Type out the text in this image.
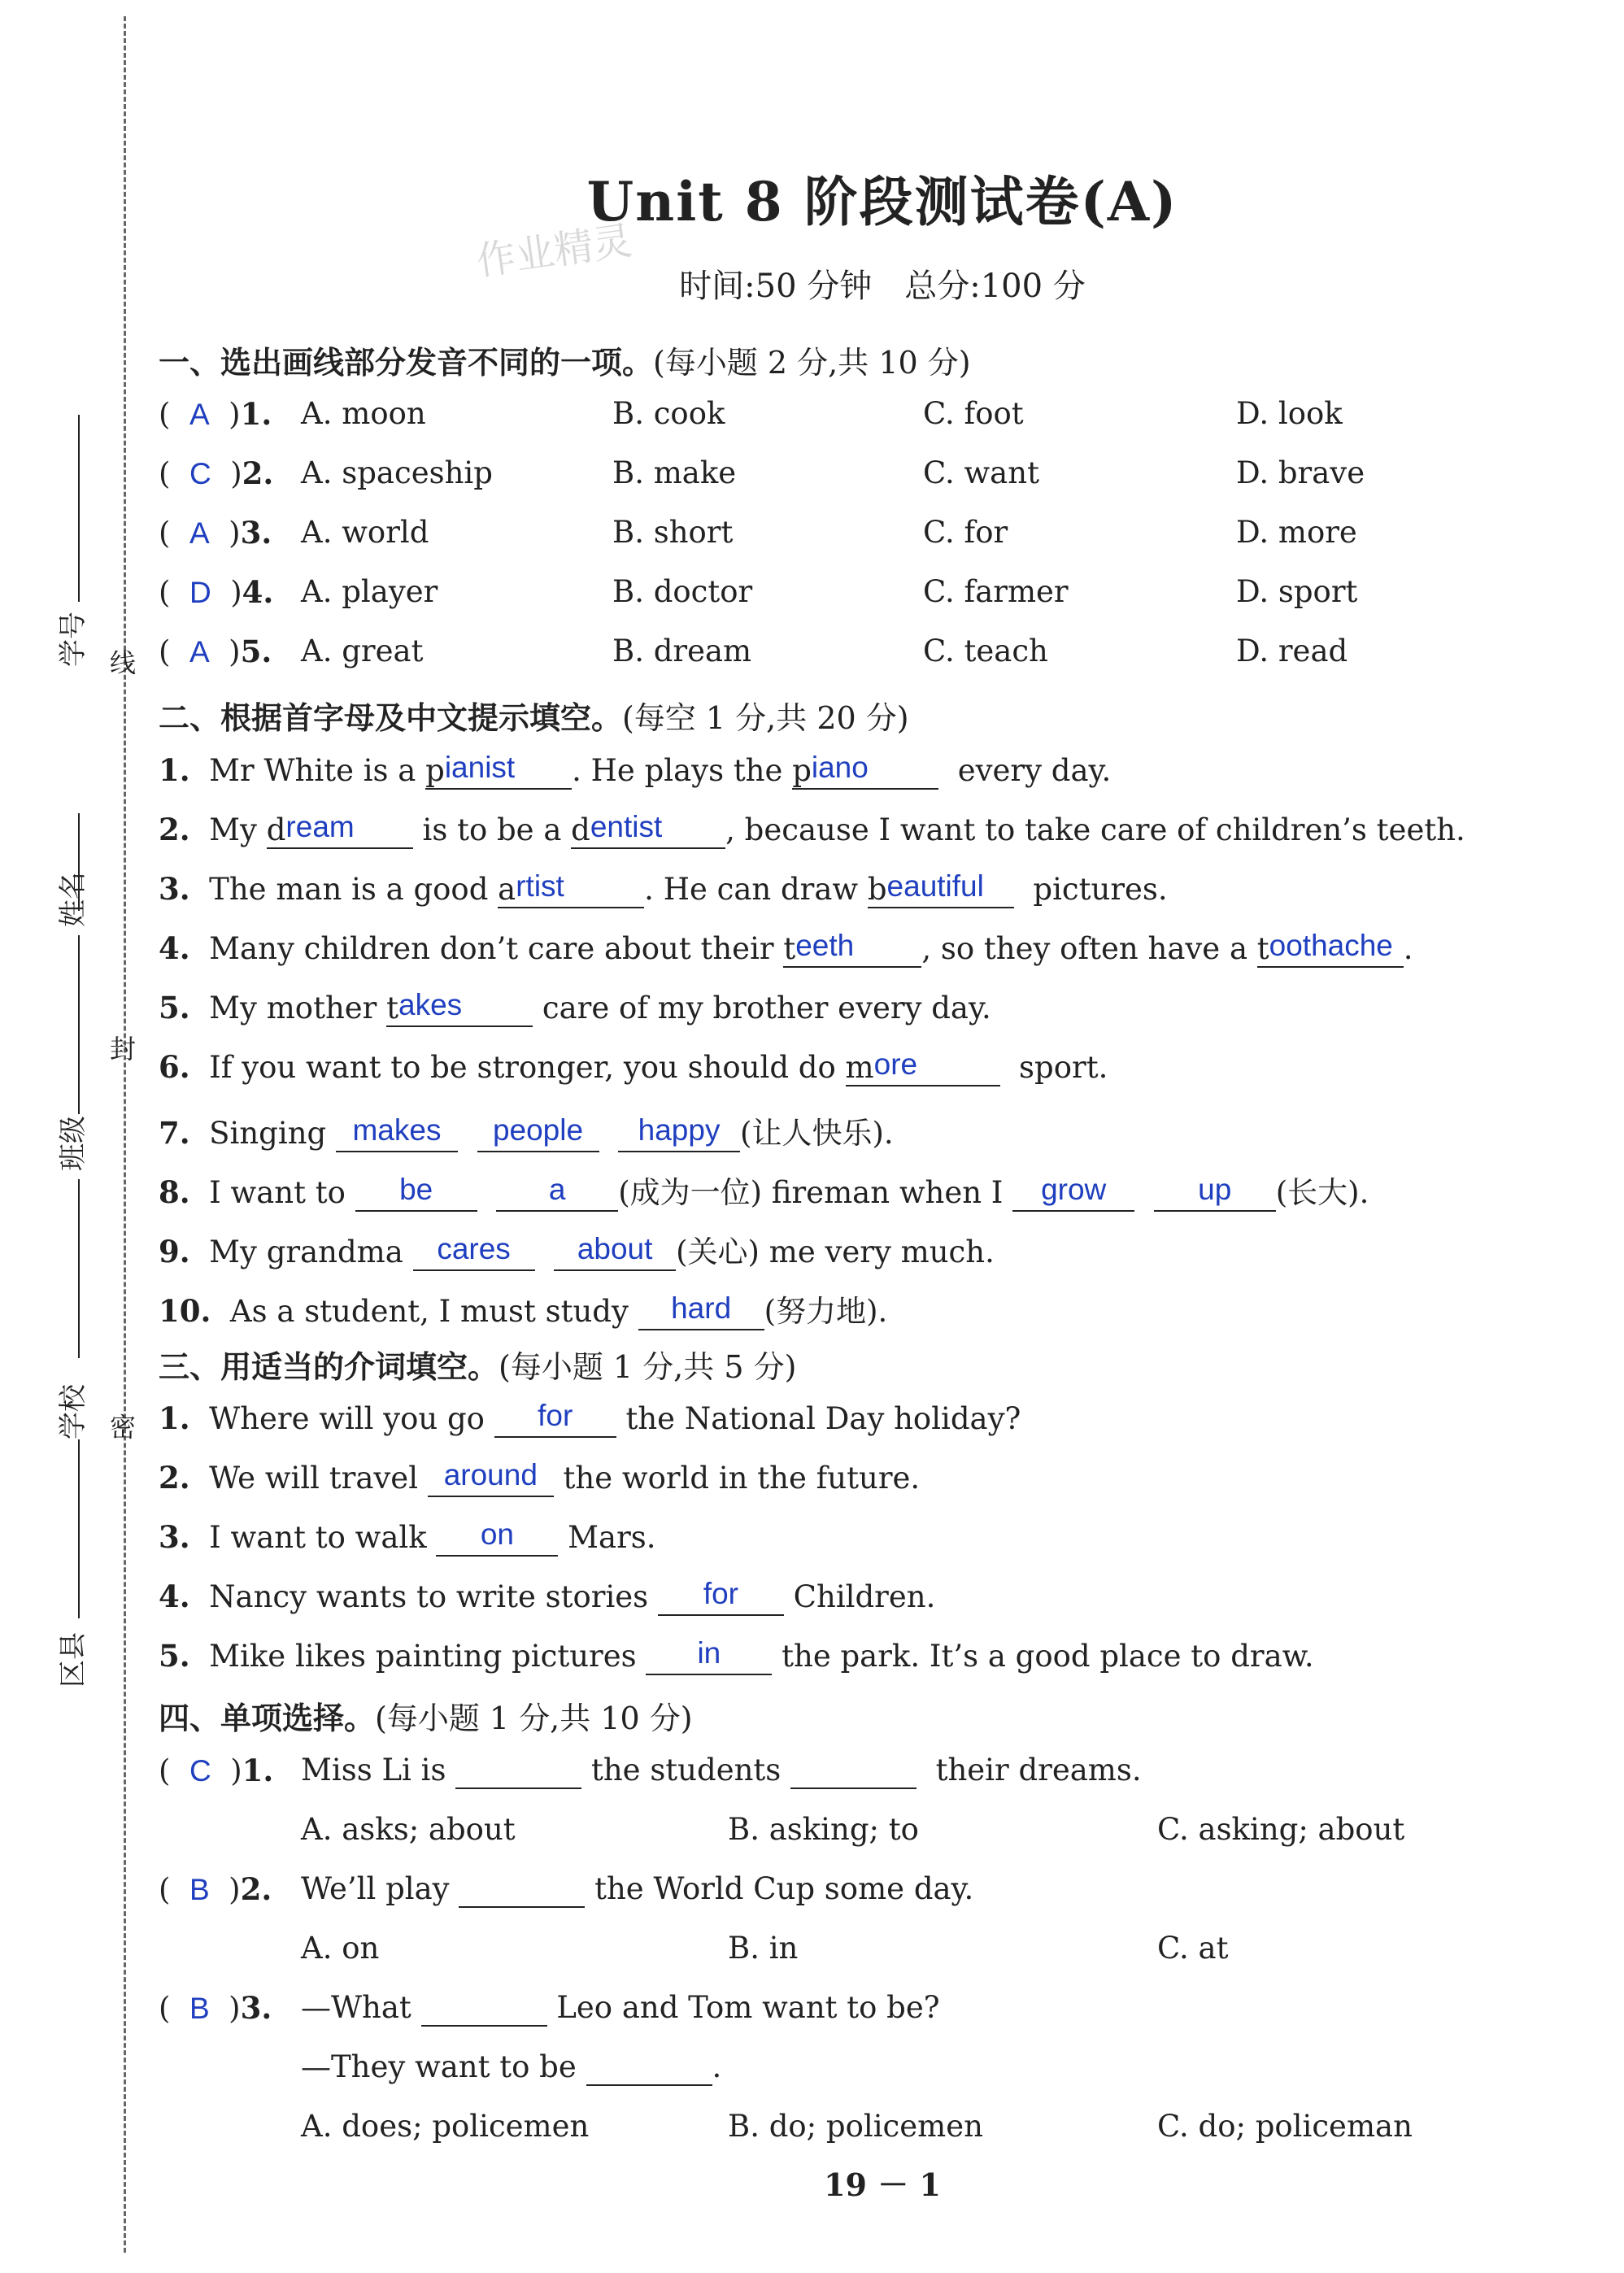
学号
姓名
班级
学校
区县
线
封
密
Unit 8 阶段测试卷(A)
作业精灵
时间:50 分钟　总分:100 分
一、选出画线部分发音不同的一项。(每小题 2 分,共 10 分)
(  A  )1. A. moon	B. cook	C. foot	D. look
(  C  )2. A. spaceship	B. make	C. want	D. brave
(  A  )3. A. world	B. short	C. for	D. more
(  D  )4. A. player	B. doctor	C. farmer	D. sport
(  A  )5. A. great	B. dream	C. teach	D. read
二、根据首字母及中文提示填空。(每空 1 分,共 20 分)
1. Mr White is a pianist . He plays the piano	every day.
2. My dream is to be a dentist , because I want to take care of children’s teeth.
3. The man is a good artist	. He can draw beautiful  pictures.
4. Many children don’t care about their teeth , so they often have a toothache .
5. My mother takes care of my brother every day.
6. If you want to be stronger, you should do more	sport.
7. Singing makes people happy (让人快乐).
8. I want to be	a (成为一位) fireman when I grow	up (长大).
9. My grandma cares about (关心) me very much.
10. As a student, I must study hard (努力地).
三、用适当的介词填空。(每小题 1 分,共 5 分)
1. Where will you go for the National Day holiday?
2. We will travel around the world in the future.
3. I want to walk on Mars.
4. Nancy wants to write stories for Children.
5. Mike likes painting pictures in the park. It’s a good place to draw.
四、单项选择。(每小题 1 分,共 10 分)
(  C  )1. Miss Li is	the students	their dreams.
A. asks; about	B. asking; to	C. asking; about
(  B  )2. We’ll play	the World Cup some day.
A. on	B. in	C. at
(  B  )3. —What	Leo and Tom want to be?
—They want to be	.
A. does; policemen	B. do; policemen	C. do; policeman
19 － 1
